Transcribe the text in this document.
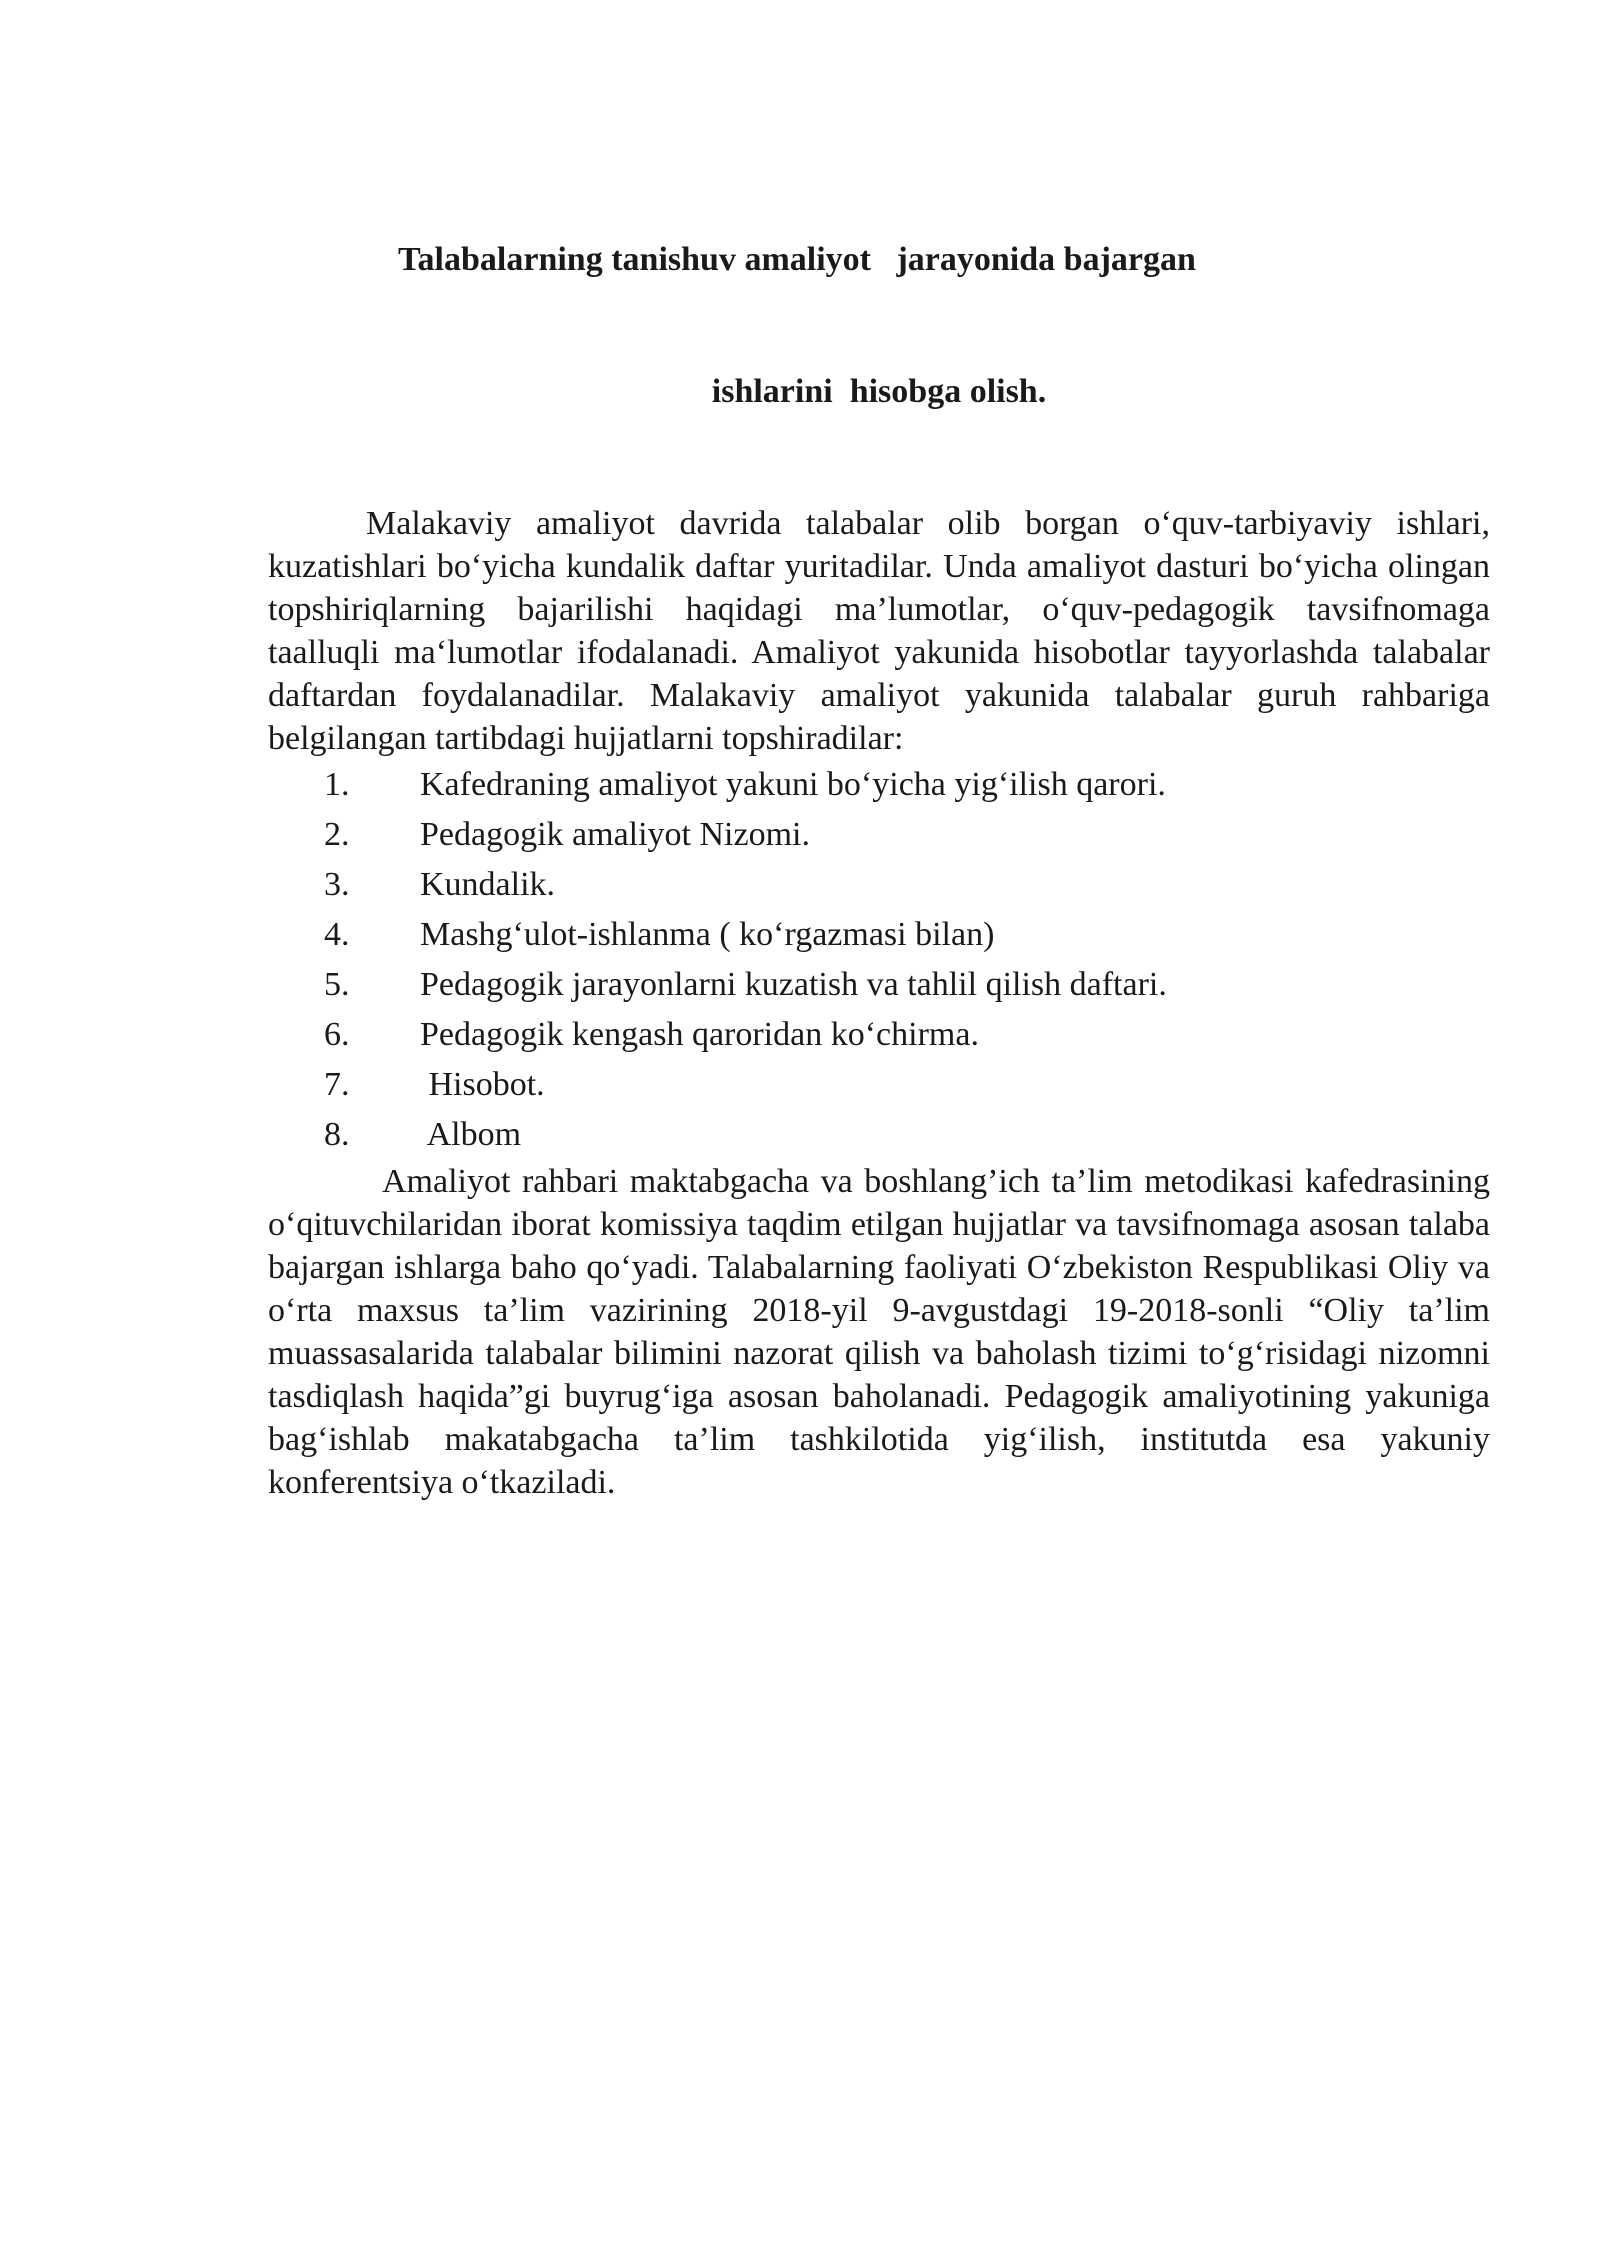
Talabalarning tanishuv amaliyot   jarayonida bajargan

ishlarini  hisobga olish.

Malakaviy amaliyot davrida talabalar olib borgan o‘quv-tarbiyaviy ishlari, kuzatishlari bo‘yicha kundalik daftar yuritadilar. Unda amaliyot dasturi bo‘yicha olingan topshiriqlarning bajarilishi haqidagi ma’lumotlar, o‘quv-pedagogik tavsifnomaga taalluqli ma‘lumotlar ifodalanadi. Amaliyot yakunida hisobotlar tayyorlashda talabalar daftardan foydalanadilar. Malakaviy amaliyot yakunida talabalar guruh rahbariga belgilangan tartibdagi hujjatlarni topshiradilar:

1.	Kafedraning amaliyot yakuni bo‘yicha yig‘ilish qarori.
2.	Pedagogik amaliyot Nizomi.
3.	Kundalik.
4.	Mashg‘ulot-ishlanma ( ko‘rgazmasi bilan)
5.	Pedagogik jarayonlarni kuzatish va tahlil qilish daftari.
6.	Pedagogik kengash qaroridan ko‘chirma.
7.	Hisobot.
8.	Albom

Amaliyot rahbari maktabgacha va boshlang’ich ta’lim metodikasi kafedrasining o‘qituvchilaridan iborat komissiya taqdim etilgan hujjatlar va tavsifnomaga asosan talaba bajargan ishlarga baho qo‘yadi. Talabalarning faoliyati O‘zbekiston Respublikasi Oliy va o‘rta maxsus ta’lim vazirining 2018-yil 9-avgustdagi 19-2018-sonli “Oliy ta’lim muassasalarida talabalar bilimini nazorat qilish va baholash tizimi to‘g‘risidagi nizomni tasdiqlash haqida”gi buyrug‘iga asosan baholanadi. Pedagogik amaliyotining yakuniga bag‘ishlab makatabgacha ta’lim tashkilotida yig‘ilish, institutda esa yakuniy konferentsiya o‘tkaziladi.
